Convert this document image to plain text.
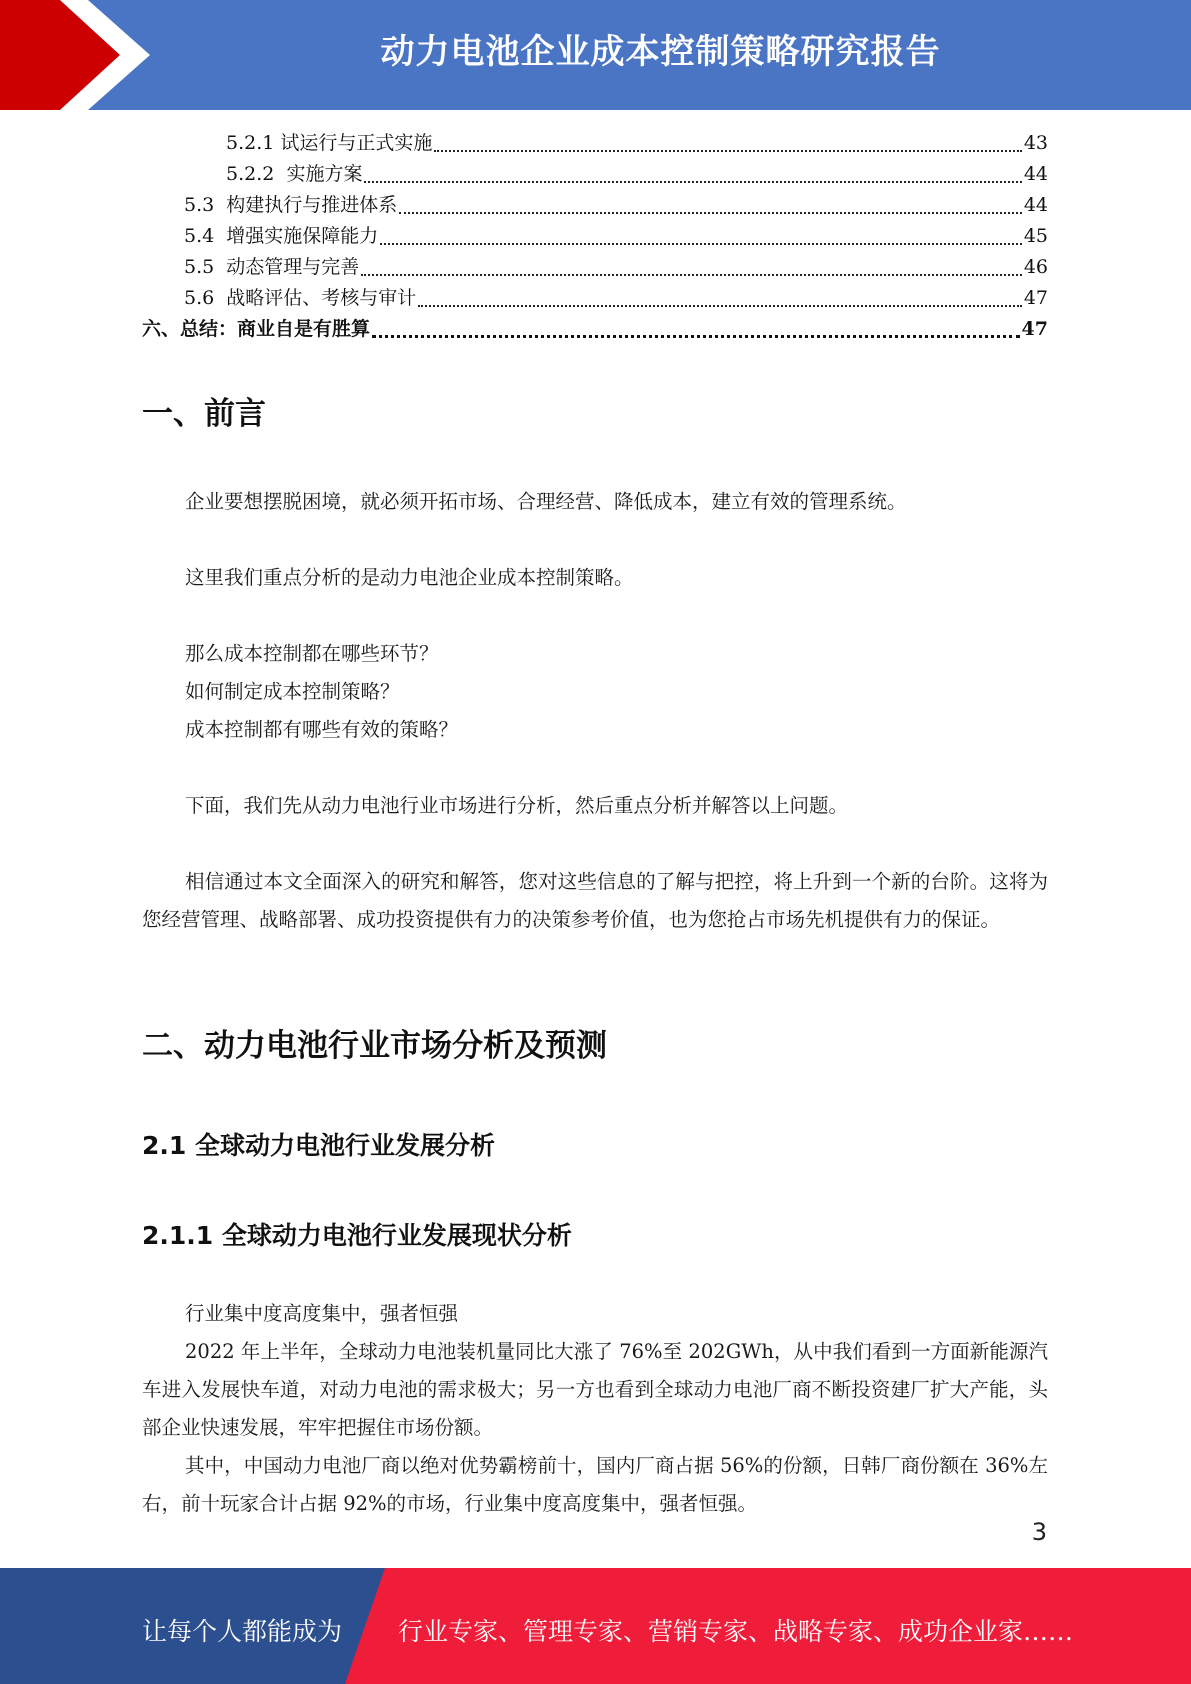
动力电池企业成本控制策略研究报告
5.2.1 试运行与正式实施	43
5.2.2 实施方案	44
5.3 构建执行与推进体系	44
5.4 增强实施保障能力	45
5.5 动态管理与完善	46
5.6 战略评估、考核与审计	47
六、总结：商业自是有胜算	47
一、前言
企业要想摆脱困境，就必须开拓市场、合理经营、降低成本，建立有效的管理系统。
这里我们重点分析的是动力电池企业成本控制策略。
那么成本控制都在哪些环节？
如何制定成本控制策略？
成本控制都有哪些有效的策略？
下面，我们先从动力电池行业市场进行分析，然后重点分析并解答以上问题。
相信通过本文全面深入的研究和解答，您对这些信息的了解与把控，将上升到一个新的台阶。这将为您经营管理、战略部署、成功投资提供有力的决策参考价值，也为您抢占市场先机提供有力的保证。
二、动力电池行业市场分析及预测
2.1 全球动力电池行业发展分析
2.1.1 全球动力电池行业发展现状分析
行业集中度高度集中，强者恒强
2022 年上半年，全球动力电池装机量同比大涨了 76%至 202GWh，从中我们看到一方面新能源汽车进入发展快车道，对动力电池的需求极大；另一方也看到全球动力电池厂商不断投资建厂扩大产能，头部企业快速发展，牢牢把握住市场份额。
其中，中国动力电池厂商以绝对优势霸榜前十，国内厂商占据 56%的份额，日韩厂商份额在 36%左右，前十玩家合计占据 92%的市场，行业集中度高度集中，强者恒强。
3
让每个人都能成为 行业专家、管理专家、营销专家、战略专家、成功企业家……
